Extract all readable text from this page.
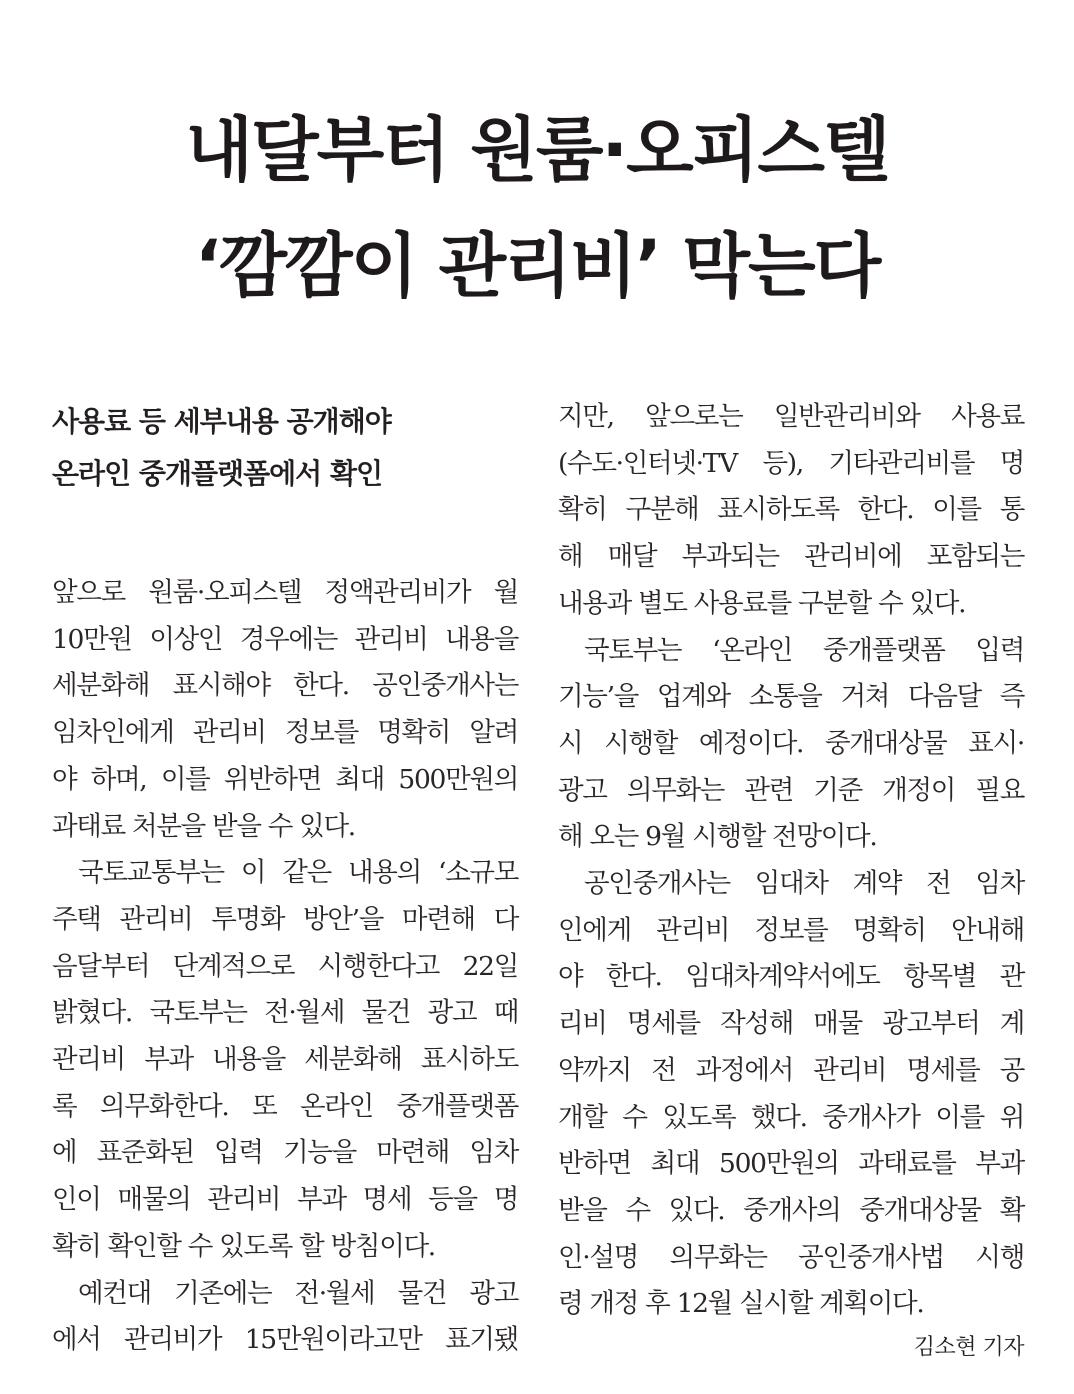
내달부터 원룸·오피스텔
‘깜깜이 관리비’ 막는다
사용료 등 세부내용 공개해야
온라인 중개플랫폼에서 확인
앞으로 원룸·오피스텔 정액관리비가 월
10만원 이상인 경우에는 관리비 내용을
세분화해 표시해야 한다. 공인중개사는
임차인에게 관리비 정보를 명확히 알려
야 하며, 이를 위반하면 최대 500만원의
과태료 처분을 받을 수 있다.
국토교통부는 이 같은 내용의 ‘소규모
주택 관리비 투명화 방안’을 마련해 다
음달부터 단계적으로 시행한다고 22일
밝혔다. 국토부는 전·월세 물건 광고 때
관리비 부과 내용을 세분화해 표시하도
록 의무화한다. 또 온라인 중개플랫폼
에 표준화된 입력 기능을 마련해 임차
인이 매물의 관리비 부과 명세 등을 명
확히 확인할 수 있도록 할 방침이다.
예컨대 기존에는 전·월세 물건 광고
에서 관리비가 15만원이라고만 표기됐
지만, 앞으로는 일반관리비와 사용료
(수도·인터넷·TV 등), 기타관리비를 명
확히 구분해 표시하도록 한다. 이를 통
해 매달 부과되는 관리비에 포함되는
내용과 별도 사용료를 구분할 수 있다.
국토부는 ‘온라인 중개플랫폼 입력
기능’을 업계와 소통을 거쳐 다음달 즉
시 시행할 예정이다. 중개대상물 표시·
광고 의무화는 관련 기준 개정이 필요
해 오는 9월 시행할 전망이다.
공인중개사는 임대차 계약 전 임차
인에게 관리비 정보를 명확히 안내해
야 한다. 임대차계약서에도 항목별 관
리비 명세를 작성해 매물 광고부터 계
약까지 전 과정에서 관리비 명세를 공
개할 수 있도록 했다. 중개사가 이를 위
반하면 최대 500만원의 과태료를 부과
받을 수 있다. 중개사의 중개대상물 확
인·설명 의무화는 공인중개사법 시행
령 개정 후 12월 실시할 계획이다.
김소현 기자
